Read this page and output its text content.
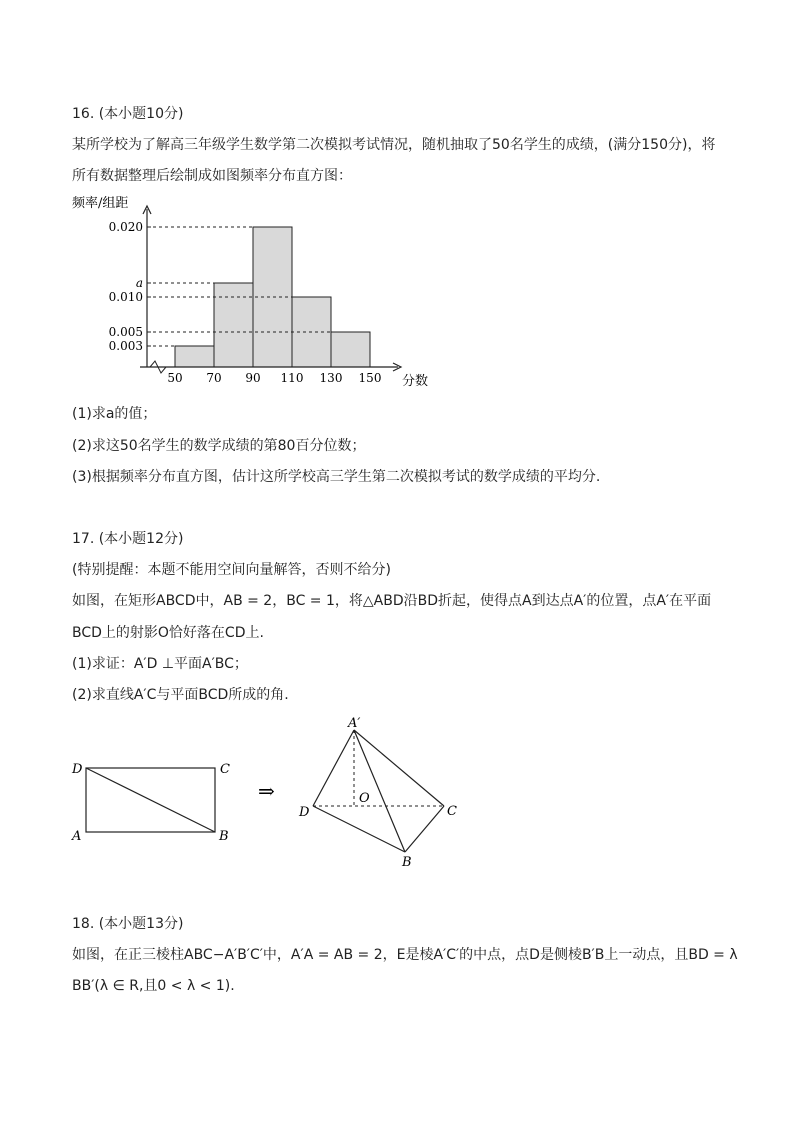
16. (本小题10分)
某所学校为了解高三年级学生数学第二次模拟考试情况，随机抽取了50名学生的成绩，(满分150分)，将
所有数据整理后绘制成如图频率分布直方图：
0.020
a
0.010
0.005
0.003
50 70 90 110 130 150
频率/组距
分数
(1)求a的值；
(2)求这50名学生的数学成绩的第80百分位数；
(3)根据频率分布直方图，估计这所学校高三学生第二次模拟考试的数学成绩的平均分.
17. (本小题12分)
(特别提醒：本题不能用空间向量解答，否则不给分)
如图，在矩形ABCD中，AB = 2，BC = 1，将△ABD沿BD折起，使得点A到达点A′的位置，点A′在平面
BCD上的射影O恰好落在CD上.
(1)求证：A′D ⊥平面A′BC；
(2)求直线A′C与平面BCD所成的角.
D	C
A	B
⇒
A′
O
D	C
B
18. (本小题13分)
如图，在正三棱柱ABC−A′B′C′中，A′A = AB = 2，E是棱A′C′的中点，点D是侧棱B′B上一动点，且BD = λ
BB′(λ ∈ R,且0 < λ < 1).
